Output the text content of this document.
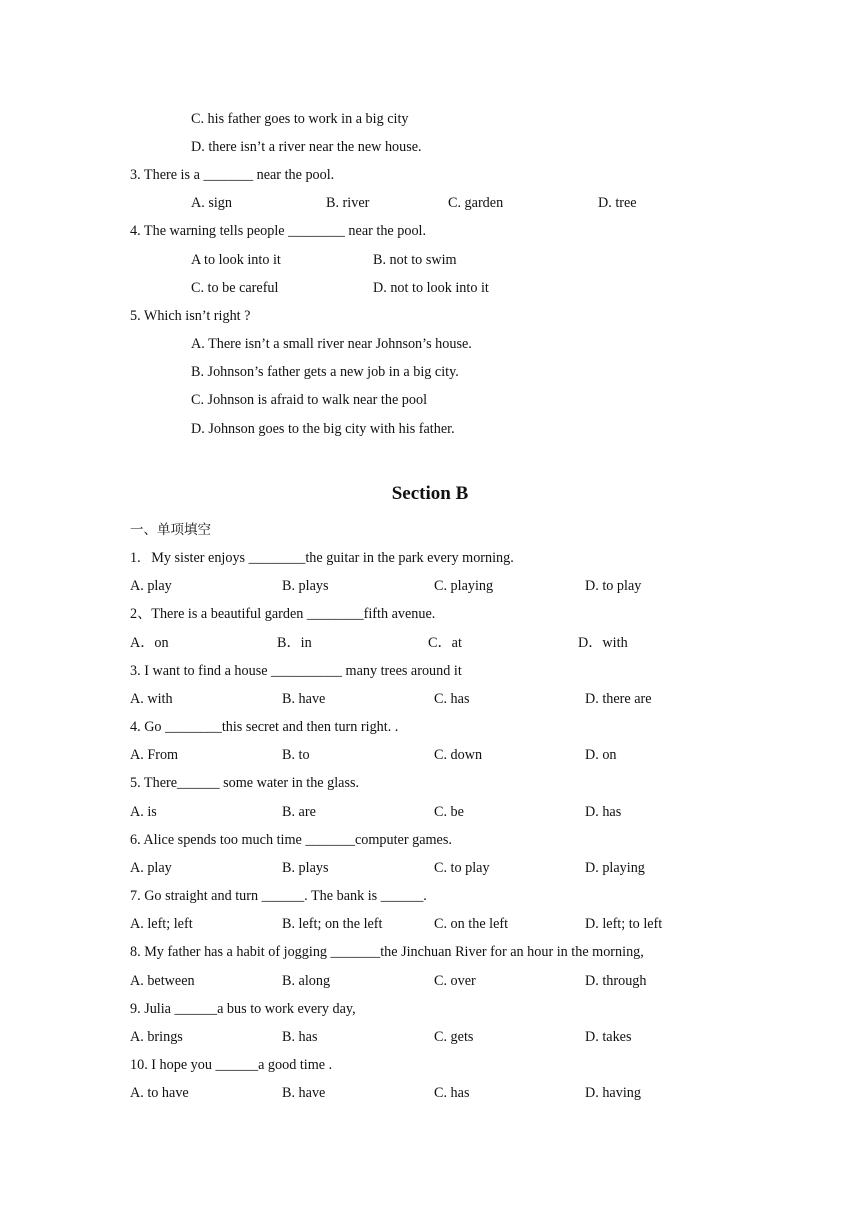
C. his father goes to work in a big city
D. there isn’t a river near the new house.
3. There is a _______ near the pool.
A. sign	B. river	C. garden	D. tree
4. The warning tells people ________ near the pool.
A to look into it	B. not to swim
C. to be careful	D. not to look into it
5. Which isn’t right ?
A. There isn’t a small river near Johnson’s house.
B. Johnson’s father gets a new job in a big city.
C. Johnson is afraid to walk near the pool
D. Johnson goes to the big city with his father.
Section B
一、单项填空
1.   My sister enjoys ________the guitar in the park every morning.
A. play	B. plays	C. playing	D. to play
2、There is a beautiful garden ________fifth avenue.
A．on	B．in	C．at	D．with
3. I want to find a house __________ many trees around it
A. with	B. have	C. has	D. there are
4. Go ________this secret and then turn right. .
A. From	B. to	C. down	D. on
5. There______ some water in the glass.
A. is	B. are	C. be	D. has
6. Alice spends too much time _______computer games.
A. play	B. plays	C. to play	D. playing
7. Go straight and turn ______. The bank is ______.
A. left; left	B. left; on the left	C. on the left	D. left; to left
8. My father has a habit of jogging _______the Jinchuan River for an hour in the morning,
A. between	B. along	C. over	D. through
9. Julia ______a bus to work every day,
A. brings	B. has	C. gets	D. takes
10. I hope you ______a good time .
A. to have	B. have	C. has	D. having
